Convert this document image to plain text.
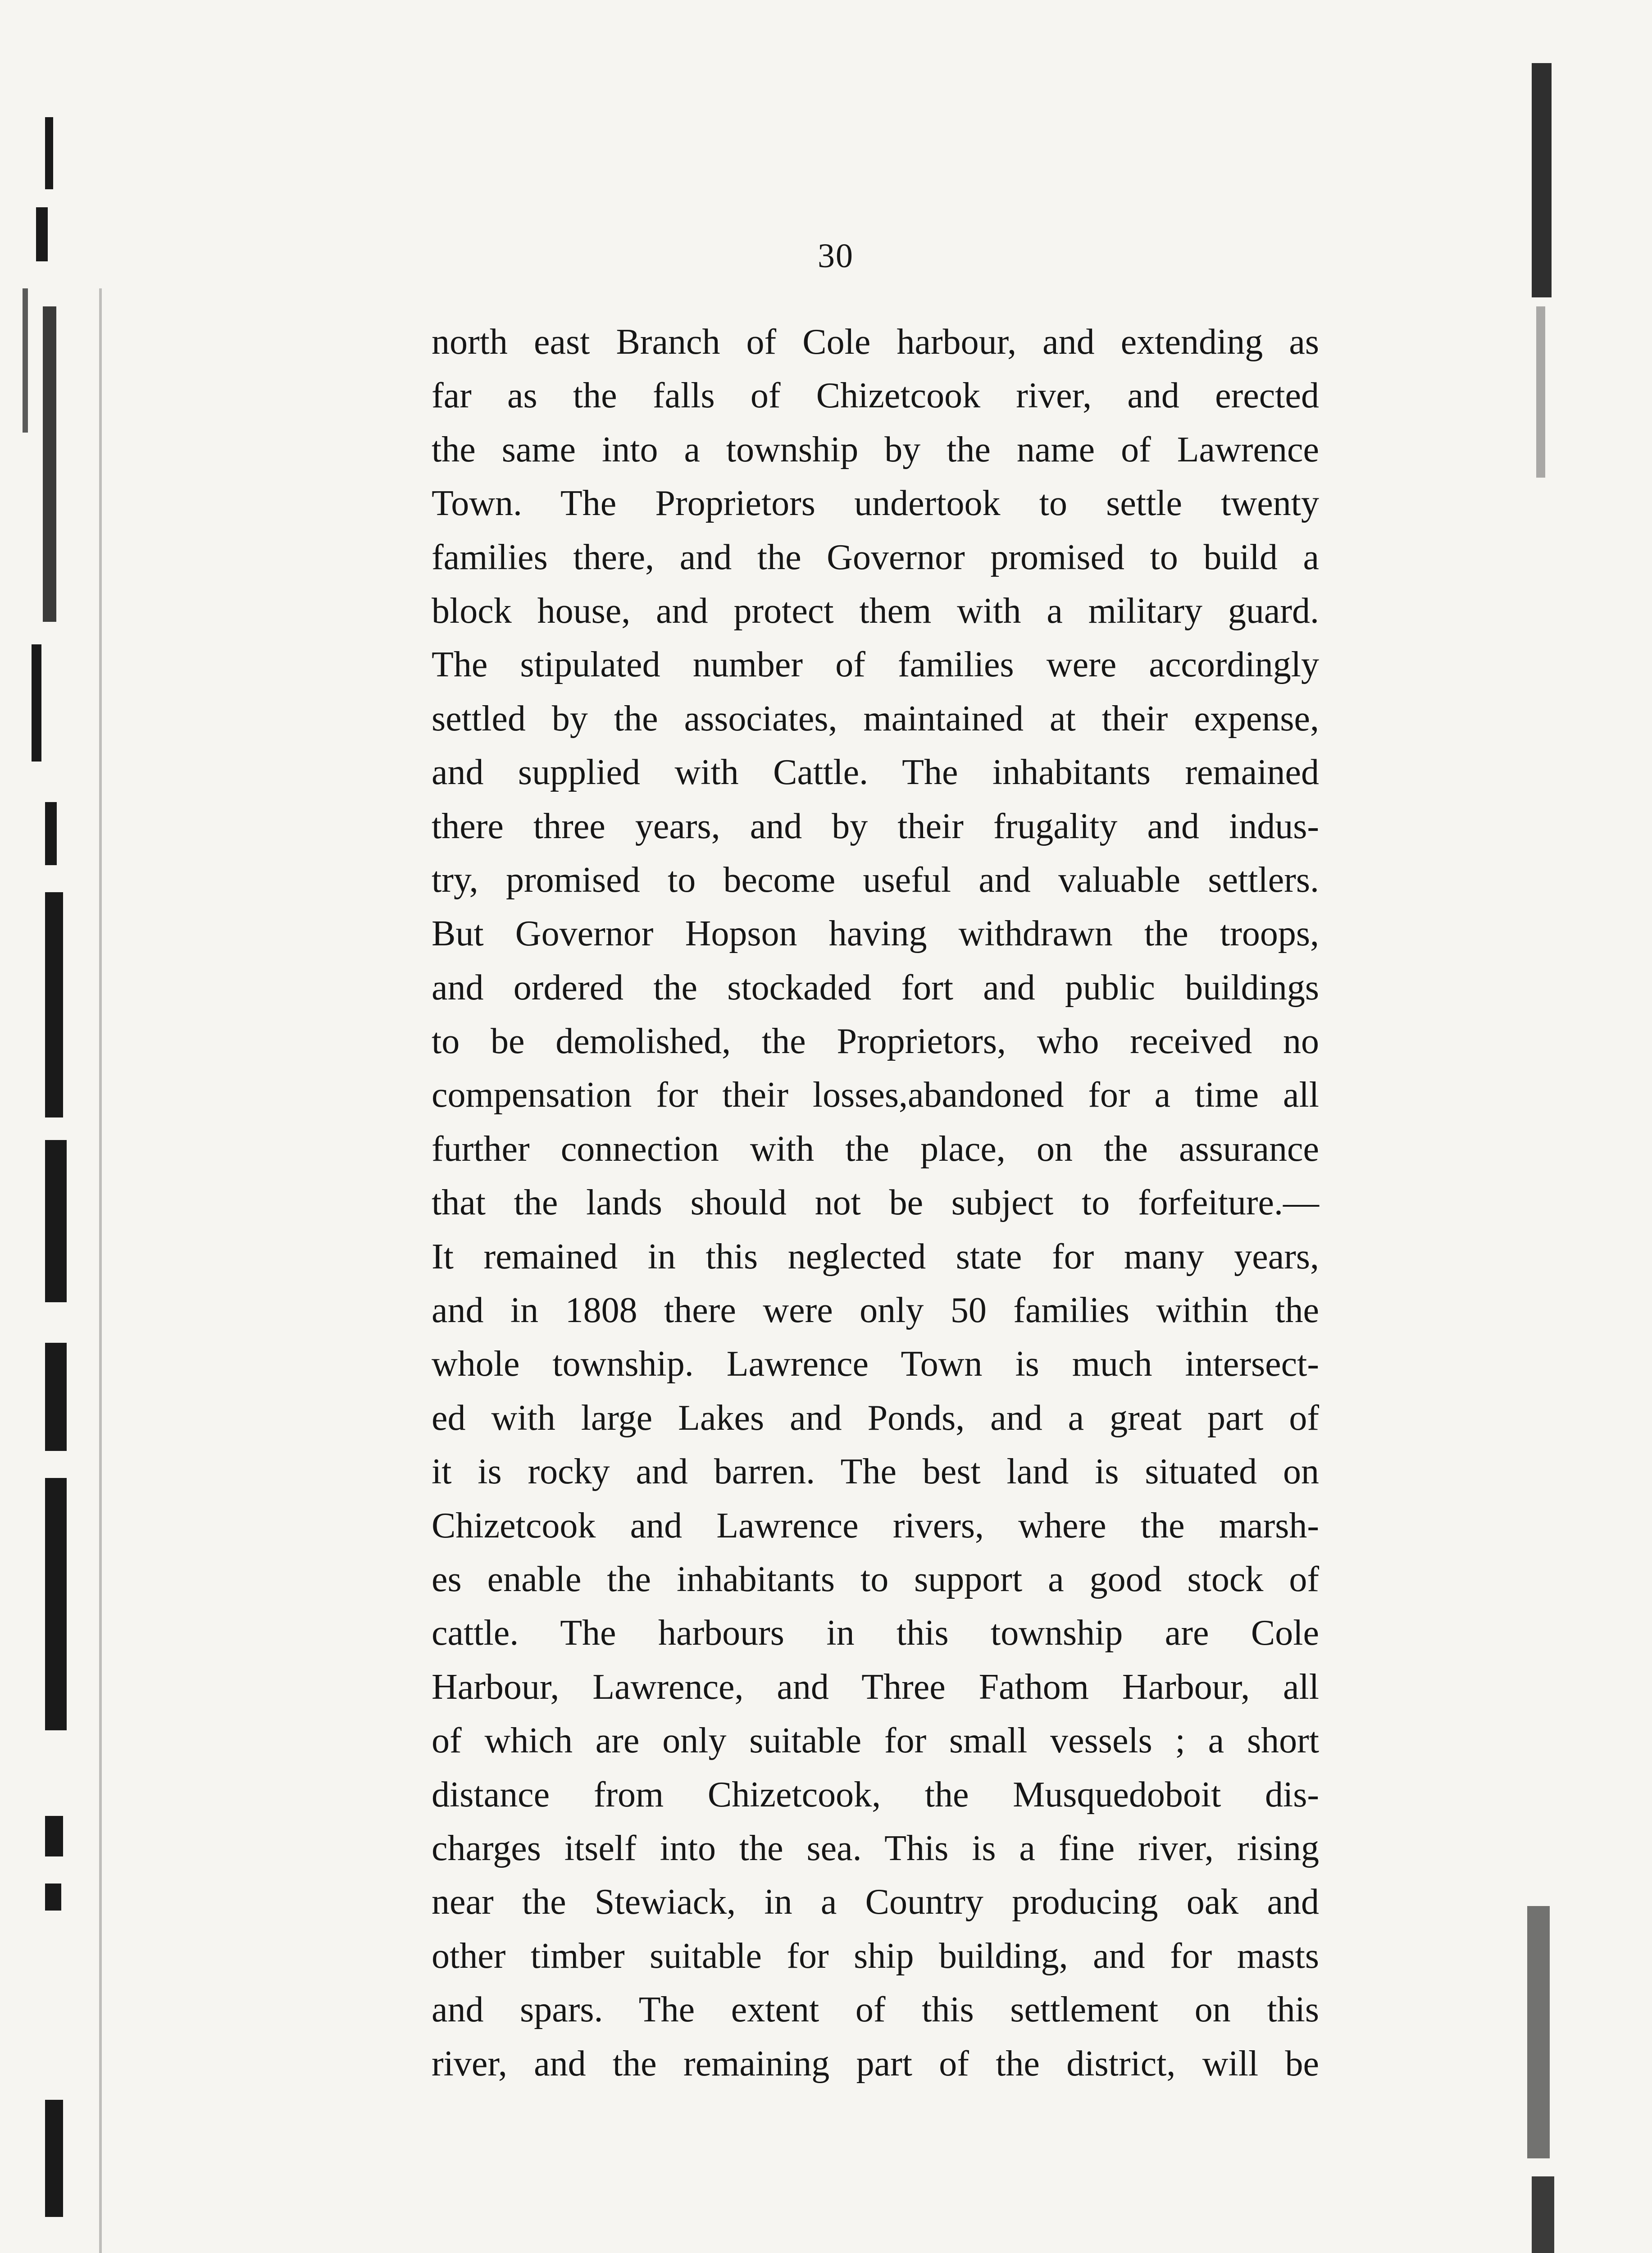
30
north east Branch of Cole harbour, and extending as
far as the falls of Chizetcook river, and erected
the same into a township by the name of Lawrence
Town. The Proprietors undertook to settle twenty
families there, and the Governor promised to build a
block house, and protect them with a military guard.
The stipulated number of families were accordingly
settled by the associates, maintained at their expense,
and supplied with Cattle. The inhabitants remained
there three years, and by their frugality and indus-
try, promised to become useful and valuable settlers.
But Governor Hopson having withdrawn the troops,
and ordered the stockaded fort and public buildings
to be demolished, the Proprietors, who received no
compensation for their losses,abandoned for a time all
further connection with the place, on the assurance
that the lands should not be subject to forfeiture.—
It remained in this neglected state for many years,
and in 1808 there were only 50 families within the
whole township. Lawrence Town is much intersect-
ed with large Lakes and Ponds, and a great part of
it is rocky and barren. The best land is situated on
Chizetcook and Lawrence rivers, where the marsh-
es enable the inhabitants to support a good stock of
cattle. The harbours in this township are Cole
Harbour, Lawrence, and Three Fathom Harbour, all
of which are only suitable for small vessels ; a short
distance from Chizetcook, the Musquedoboit dis-
charges itself into the sea. This is a fine river, rising
near the Stewiack, in a Country producing oak and
other timber suitable for ship building, and for masts
and spars. The extent of this settlement on this
river, and the remaining part of the district, will be
